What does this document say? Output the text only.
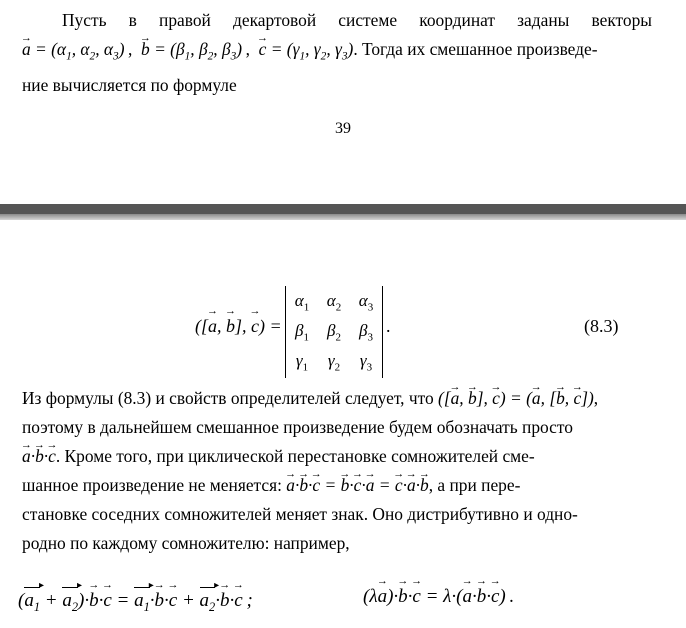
Пусть в правой декартовой системе координат заданы векторы
→ $a = (\alpha_1$, $\alpha_2$, $\alpha_3$) ,  → $b = (\beta_1$, $\beta_2$, $\beta_3$) ,  → $c = (\gamma_1$, $\gamma_2$, $\gamma_3$). Тогда их смешанное произведе-
ние вычисляется по формуле
39
([→ a, → b], → c) =
$\alpha_1$	$\alpha_2$	$\alpha_3$
$\beta_1$	$\beta_2$	$\beta_3$
$\gamma_1$	$\gamma_2$	$\gamma_3$
.	(8.3)
Из формулы (8.3) и свойств определителей следует, что ([→ a, → b], → c) = (→ a, [→ b, → c]),
поэтому в дальнейшем смешанное произведение будем обозначать просто
→ a·→ b·→ c. Кроме того, при циклической перестановке сомножителей сме-
шанное произведение не меняется: → a·→ b·→ c = → b·→ c·→ a = → c·→ a·→ b, а при пере-
становке соседних сомножителей меняет знак. Оно дистрибутивно и одно-
родно по каждому сомножителю: например,
($a_1$ ▸ + $a_2$ ▸)·→ $b\cdot\to c = a_1$ ▸·→ $b\cdot\to c + a_2$ ▸·→ b·→ c ;	(λ→ a)·→ b·→ c = λ·(→ a·→ b·→ c) .
